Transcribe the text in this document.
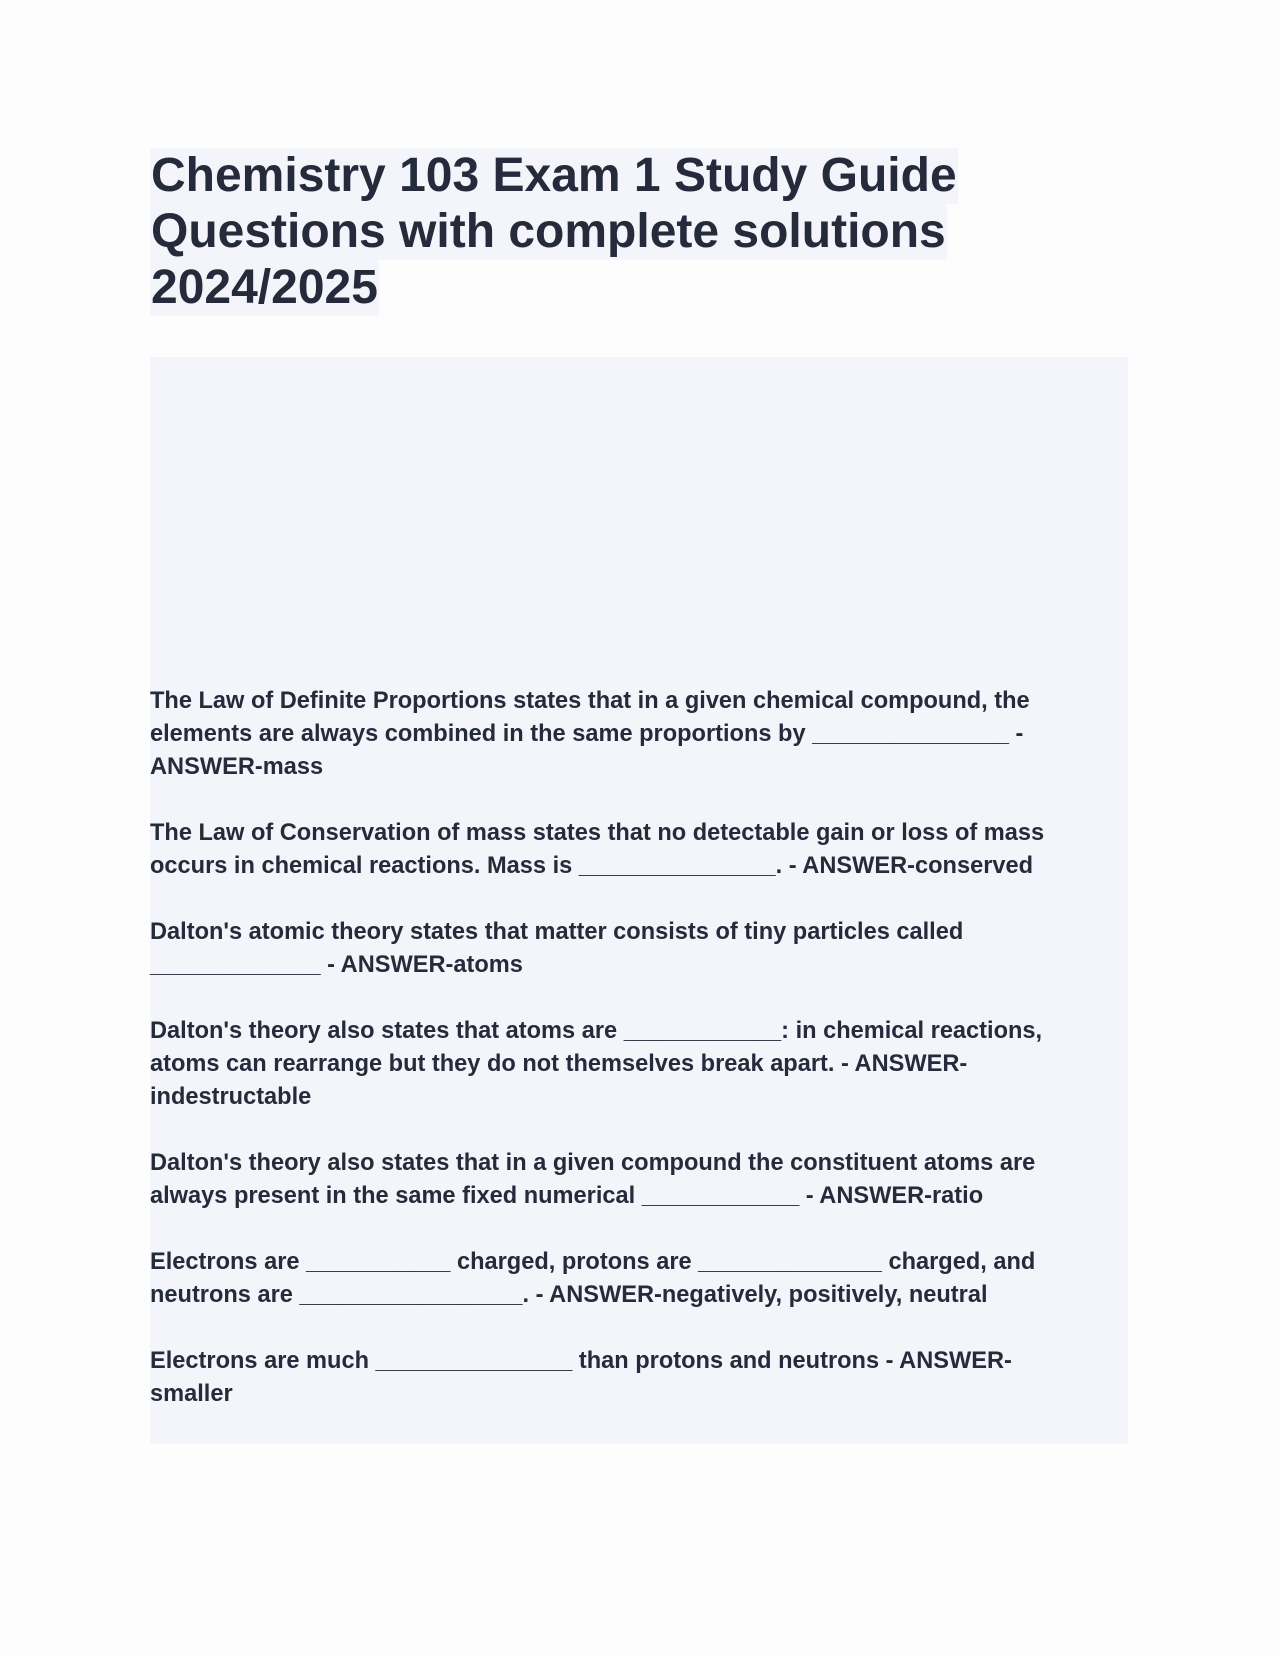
Chemistry 103 Exam 1 Study Guide
Questions with complete solutions
2024/2025

The Law of Definite Proportions states that in a given chemical compound, the
elements are always combined in the same proportions by _______________ -
ANSWER-mass

The Law of Conservation of mass states that no detectable gain or loss of mass
occurs in chemical reactions. Mass is _______________. - ANSWER-conserved

Dalton's atomic theory states that matter consists of tiny particles called
_____________ - ANSWER-atoms

Dalton's theory also states that atoms are ____________: in chemical reactions,
atoms can rearrange but they do not themselves break apart. - ANSWER-
indestructable

Dalton's theory also states that in a given compound the constituent atoms are
always present in the same fixed numerical ____________ - ANSWER-ratio

Electrons are ___________ charged, protons are ______________ charged, and
neutrons are _________________. - ANSWER-negatively, positively, neutral

Electrons are much _______________ than protons and neutrons - ANSWER-
smaller
